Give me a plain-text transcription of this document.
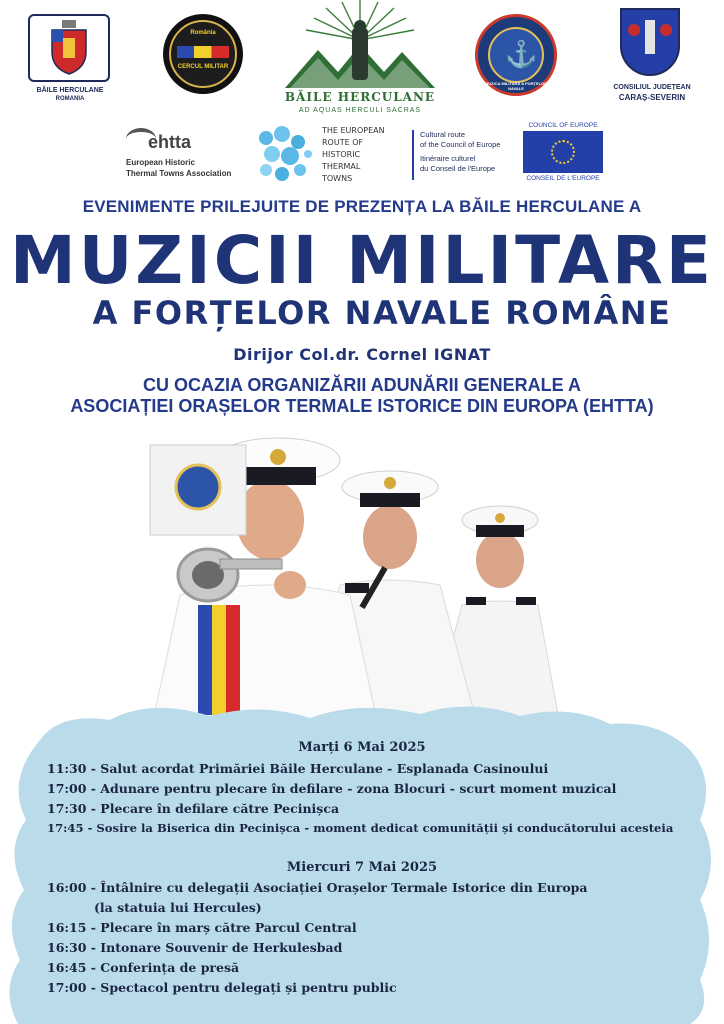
BĂILE HERCULANE
ROMANIA
România
CERCUL MILITAR
BĂILE HERCULANE
AD AQUAS HERCULI SACRAS
⚓
MUZICA MILITARĂ A FORȚELOR NAVALE	CONSILIUL JUDEȚEAN
CARAȘ-SEVERIN
ehtta
European Historic
Thermal Towns Association
THE EUROPEAN
ROUTE OF
HISTORIC
THERMAL
TOWNS
Cultural route
of the Council of Europe
Itinéraire culturel
du Conseil de l'Europe
COUNCIL OF EUROPE
CONSEIL DE L'EUROPE
EVENIMENTE PRILEJUITE DE PREZENȚA LA BĂILE HERCULANE A
MUZICII MILITARE
A FORȚELOR NAVALE ROMÂNE
Dirijor Col.dr. Cornel IGNAT
CU OCAZIA ORGANIZĂRII ADUNĂRII GENERALE A
ASOCIAȚIEI ORAȘELOR TERMALE ISTORICE DIN EUROPA (EHTTA)
Marți 6 Mai 2025
11:30 - Salut acordat Primăriei Băile Herculane - Esplanada Casinoului
17:00 - Adunare pentru plecare în defilare - zona Blocuri - scurt moment muzical
17:30 - Plecare în defilare către Pecinișca
17:45 - Sosire la Biserica din Pecinișca - moment dedicat comunității și conducătorului acesteia
Miercuri 7 Mai 2025
16:00 - Întâlnire cu delegații Asociației Orașelor Termale Istorice din Europa
(la statuia lui Hercules)
16:15 - Plecare în marș către Parcul Central
16:30 - Intonare Souvenir de Herkulesbad
16:45 - Conferința de presă
17:00 - Spectacol pentru delegați și pentru public
